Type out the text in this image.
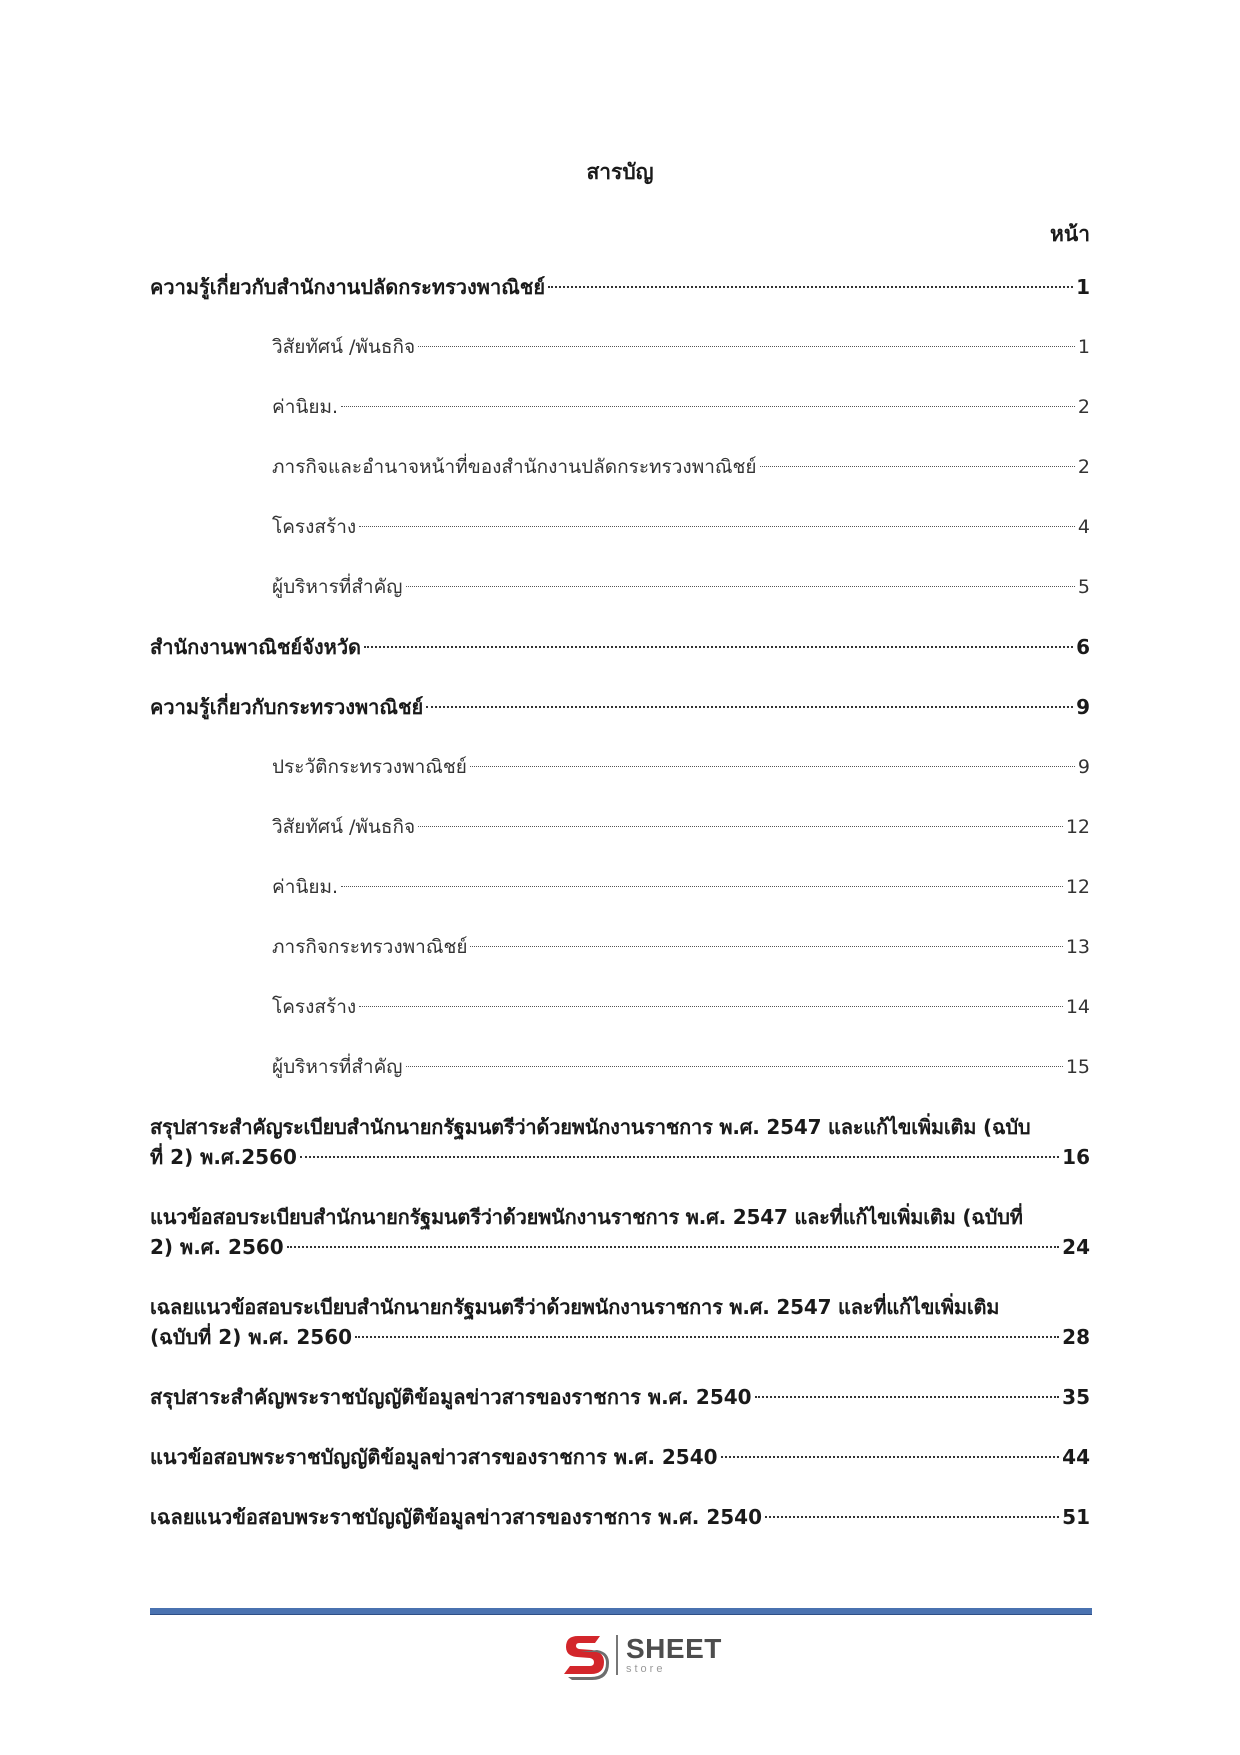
สารบัญ
หน้า
ความรู้เกี่ยวกับสำนักงานปลัดกระทรวงพาณิชย์	1
วิสัยทัศน์ /พันธกิจ	1
ค่านิยม.	2
ภารกิจและอำนาจหน้าที่ของสำนักงานปลัดกระทรวงพาณิชย์	2
โครงสร้าง	4
ผู้บริหารที่สำคัญ	5
สำนักงานพาณิชย์จังหวัด	6
ความรู้เกี่ยวกับกระทรวงพาณิชย์	9
ประวัติกระทรวงพาณิชย์	9
วิสัยทัศน์ /พันธกิจ	12
ค่านิยม.	12
ภารกิจกระทรวงพาณิชย์	13
โครงสร้าง	14
ผู้บริหารที่สำคัญ	15
สรุปสาระสำคัญระเบียบสำนักนายกรัฐมนตรีว่าด้วยพนักงานราชการ พ.ศ. 2547 และแก้ไขเพิ่มเติม (ฉบับ
ที่ 2) พ.ศ.2560	16
แนวข้อสอบระเบียบสำนักนายกรัฐมนตรีว่าด้วยพนักงานราชการ พ.ศ. 2547 และที่แก้ไขเพิ่มเติม (ฉบับที่
2) พ.ศ. 2560	24
เฉลยแนวข้อสอบระเบียบสำนักนายกรัฐมนตรีว่าด้วยพนักงานราชการ พ.ศ. 2547 และที่แก้ไขเพิ่มเติม
(ฉบับที่ 2) พ.ศ. 2560	28
สรุปสาระสำคัญพระราชบัญญัติข้อมูลข่าวสารของราชการ พ.ศ. 2540	35
แนวข้อสอบพระราชบัญญัติข้อมูลข่าวสารของราชการ พ.ศ. 2540	44
เฉลยแนวข้อสอบพระราชบัญญัติข้อมูลข่าวสารของราชการ พ.ศ. 2540	51
SHEET
store
